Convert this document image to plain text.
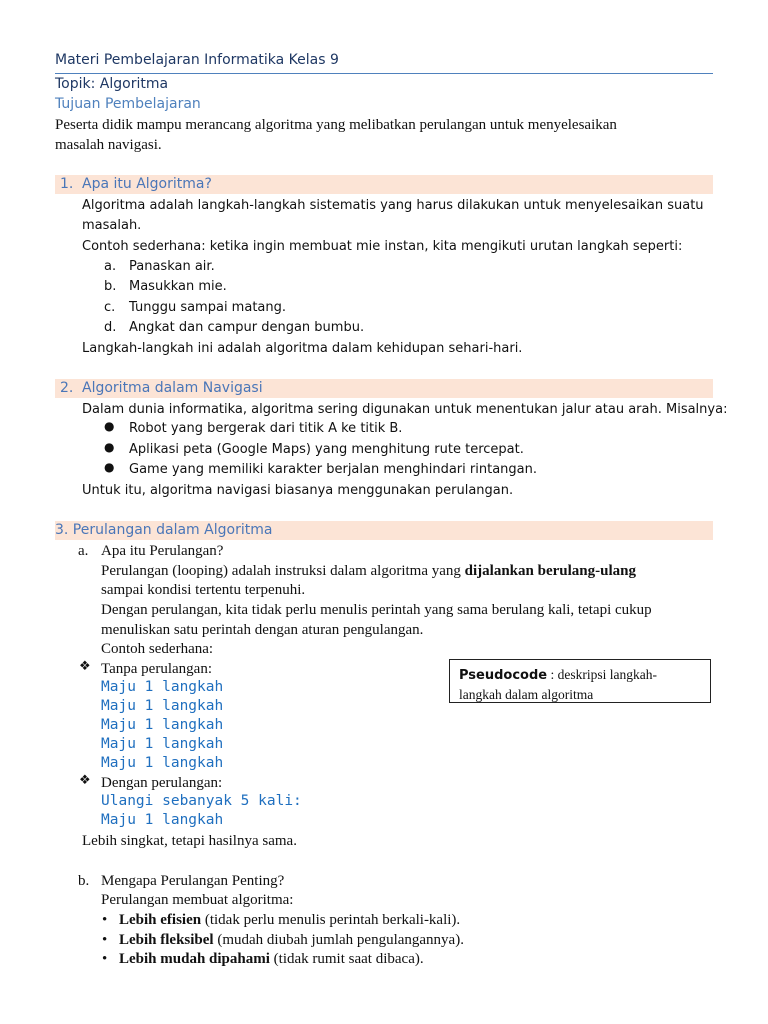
Materi Pembelajaran Informatika Kelas 9
Topik: Algoritma
Tujuan Pembelajaran
Peserta didik mampu merancang algoritma yang melibatkan perulangan untuk menyelesaikan
masalah navigasi.
1. Apa itu Algoritma?
Algoritma adalah langkah-langkah sistematis yang harus dilakukan untuk menyelesaikan suatu
masalah.
Contoh sederhana: ketika ingin membuat mie instan, kita mengikuti urutan langkah seperti:
a. Panaskan air.
b. Masukkan mie.
c. Tunggu sampai matang.
d. Angkat dan campur dengan bumbu.
Langkah-langkah ini adalah algoritma dalam kehidupan sehari-hari.
2. Algoritma dalam Navigasi
Dalam dunia informatika, algoritma sering digunakan untuk menentukan jalur atau arah. Misalnya:
● Robot yang bergerak dari titik A ke titik B.
● Aplikasi peta (Google Maps) yang menghitung rute tercepat.
● Game yang memiliki karakter berjalan menghindari rintangan.
Untuk itu, algoritma navigasi biasanya menggunakan perulangan.
3. Perulangan dalam Algoritma
a. Apa itu Perulangan?
Perulangan (looping) adalah instruksi dalam algoritma yang dijalankan berulang-ulang
sampai kondisi tertentu terpenuhi.
Dengan perulangan, kita tidak perlu menulis perintah yang sama berulang kali, tetapi cukup
menuliskan satu perintah dengan aturan pengulangan.
Contoh sederhana:
❖ Tanpa perulangan:
Maju 1 langkah
Maju 1 langkah
Maju 1 langkah
Maju 1 langkah
Maju 1 langkah
❖ Dengan perulangan:
Ulangi sebanyak 5 kali:
Maju 1 langkah
Lebih singkat, tetapi hasilnya sama.
b. Mengapa Perulangan Penting?
Perulangan membuat algoritma:
• Lebih efisien (tidak perlu menulis perintah berkali-kali).
• Lebih fleksibel (mudah diubah jumlah pengulangannya).
• Lebih mudah dipahami (tidak rumit saat dibaca).
Pseudocode : deskripsi langkah-
langkah dalam algoritma
